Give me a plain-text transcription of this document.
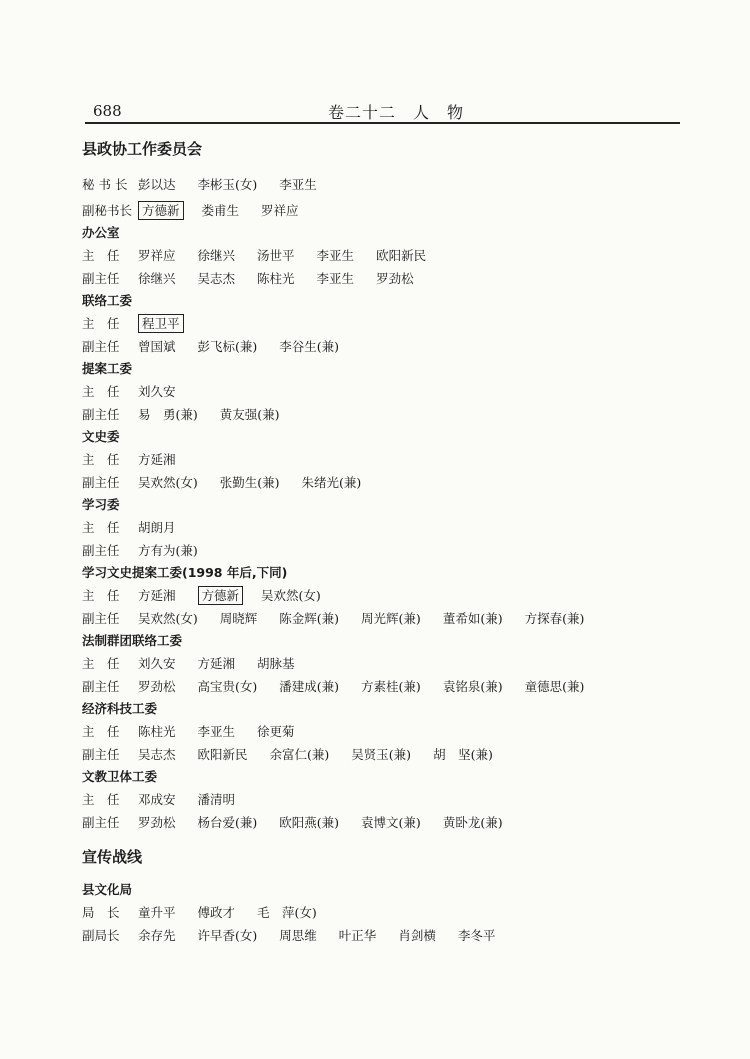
688	卷二十二　人　物
县政协工作委员会
秘 书 长 彭以达 李彬玉(女) 李亚生
副秘书长 方德新	娄甫生 罗祥应
办公室
主　任	罗祥应 徐继兴 汤世平 李亚生 欧阳新民
副主任	徐继兴 吴志杰 陈柱光 李亚生 罗劲松
联络工委
主　任	程卫平
副主任	曾国斌 彭飞标(兼) 李谷生(兼)
提案工委
主　任	刘久安
副主任	易　勇(兼) 黄友强(兼)
文史委
主　任	方延湘
副主任	吴欢然(女) 张勤生(兼) 朱绪光(兼)
学习委
主　任	胡朗月
副主任	方有为(兼)
学习文史提案工委(1998 年后,下同)
主　任	方延湘	方德新	吴欢然(女)
副主任	吴欢然(女) 周晓辉 陈金辉(兼) 周光辉(兼) 董希如(兼) 方探春(兼)
法制群团联络工委
主　任	刘久安 方延湘 胡脉基
副主任	罗劲松 高宝贵(女) 潘建成(兼) 方素桂(兼) 袁铭泉(兼) 童德思(兼)
经济科技工委
主　任	陈柱光 李亚生 徐更菊
副主任	吴志杰 欧阳新民 余富仁(兼) 吴贤玉(兼) 胡　坚(兼)
文教卫体工委
主　任	邓成安 潘清明
副主任	罗劲松 杨台爱(兼) 欧阳燕(兼) 袁博文(兼) 黄卧龙(兼)
宣传战线
县文化局
局　长	童升平 傅政才 毛　萍(女)
副局长	余存先 许早香(女) 周思维 叶正华 肖剑横 李冬平
